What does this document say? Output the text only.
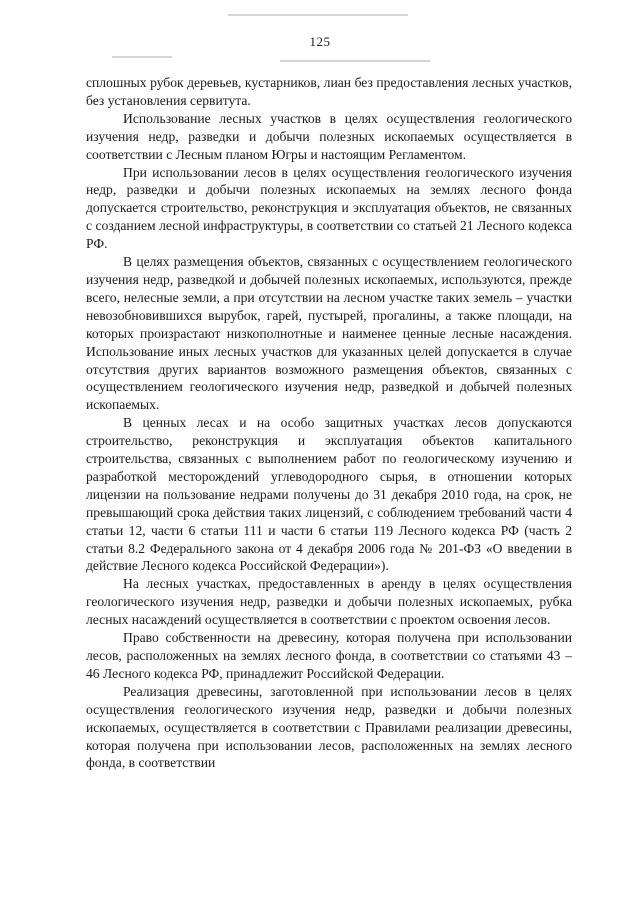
125

сплошных рубок деревьев, кустарников, лиан без предоставления лесных участков, без установления сервитута.

Использование лесных участков в целях осуществления геологического изучения недр, разведки и добычи полезных ископаемых осуществляется в соответствии с Лесным планом Югры и настоящим Регламентом.

При использовании лесов в целях осуществления геологического изучения недр, разведки и добычи полезных ископаемых на землях лесного фонда допускается строительство, реконструкция и эксплуатация объектов, не связанных с созданием лесной инфраструктуры, в соответствии со статьей 21 Лесного кодекса РФ.

В целях размещения объектов, связанных с осуществлением геологического изучения недр, разведкой и добычей полезных ископаемых, используются, прежде всего, нелесные земли, а при отсутствии на лесном участке таких земель – участки невозобновившихся вырубок, гарей, пустырей, прогалины, а также площади, на которых произрастают низкополнотные и наименее ценные лесные насаждения. Использование иных лесных участков для указанных целей допускается в случае отсутствия других вариантов возможного размещения объектов, связанных с осуществлением геологического изучения недр, разведкой и добычей полезных ископаемых.

В ценных лесах и на особо защитных участках лесов допускаются строительство, реконструкция и эксплуатация объектов капитального строительства, связанных с выполнением работ по геологическому изучению и разработкой месторождений углеводородного сырья, в отношении которых лицензии на пользование недрами получены до 31 декабря 2010 года, на срок, не превышающий срока действия таких лицензий, с соблюдением требований части 4 статьи 12, части 6 статьи 111 и части 6 статьи 119 Лесного кодекса РФ (часть 2 статьи 8.2 Федерального закона от 4 декабря 2006 года № 201-ФЗ «О введении в действие Лесного кодекса Российской Федерации»).

На лесных участках, предоставленных в аренду в целях осуществления геологического изучения недр, разведки и добычи полезных ископаемых, рубка лесных насаждений осуществляется в соответствии с проектом освоения лесов.

Право собственности на древесину, которая получена при использовании лесов, расположенных на землях лесного фонда, в соответствии со статьями 43 – 46 Лесного кодекса РФ, принадлежит Российской Федерации.

Реализация древесины, заготовленной при использовании лесов в целях осуществления геологического изучения недр, разведки и добычи полезных ископаемых, осуществляется в соответствии с Правилами реализации древесины, которая получена при использовании лесов, расположенных на землях лесного фонда, в соответствии
